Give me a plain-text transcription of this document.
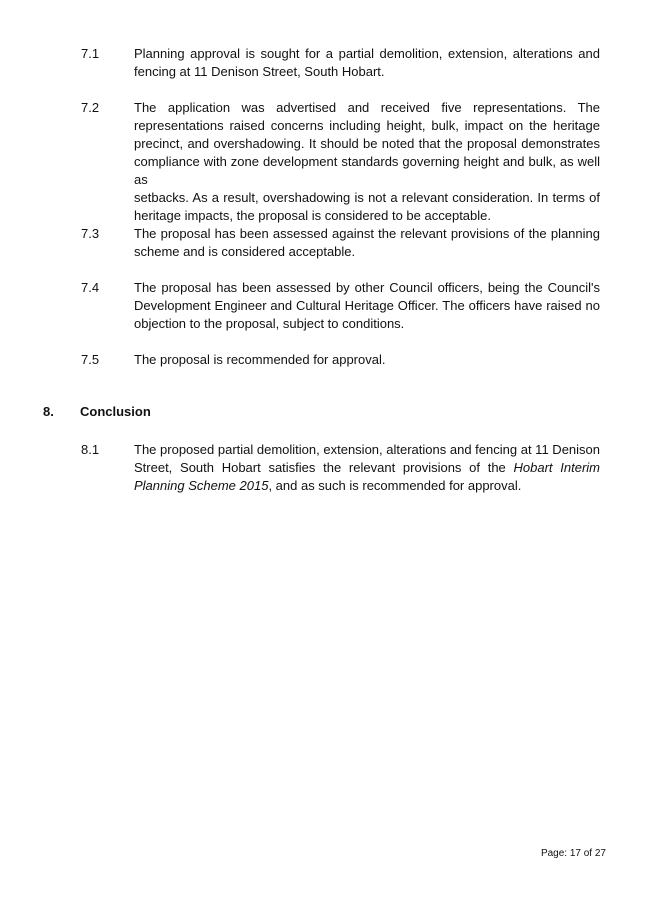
7.1	Planning approval is sought for a partial demolition, extension, alterations and
fencing at 11 Denison Street, South Hobart.
7.2	The application was advertised and received five representations. The
representations raised concerns including height, bulk, impact on the heritage
precinct, and overshadowing. It should be noted that the proposal demonstrates
compliance with zone development standards governing height and bulk, as well as
setbacks. As a result, overshadowing is not a relevant consideration. In terms of
heritage impacts, the proposal is considered to be acceptable.
7.3	The proposal has been assessed against the relevant provisions of the planning
scheme and is considered acceptable.
7.4	The proposal has been assessed by other Council officers, being the Council's
Development Engineer and Cultural Heritage Officer. The officers have raised no
objection to the proposal, subject to conditions.
7.5	The proposal is recommended for approval.
8. Conclusion
8.1	The proposed partial demolition, extension, alterations and fencing at 11 Denison
Street, South Hobart satisfies the relevant provisions of the Hobart Interim
Planning Scheme 2015, and as such is recommended for approval.
Page: 17 of 27
